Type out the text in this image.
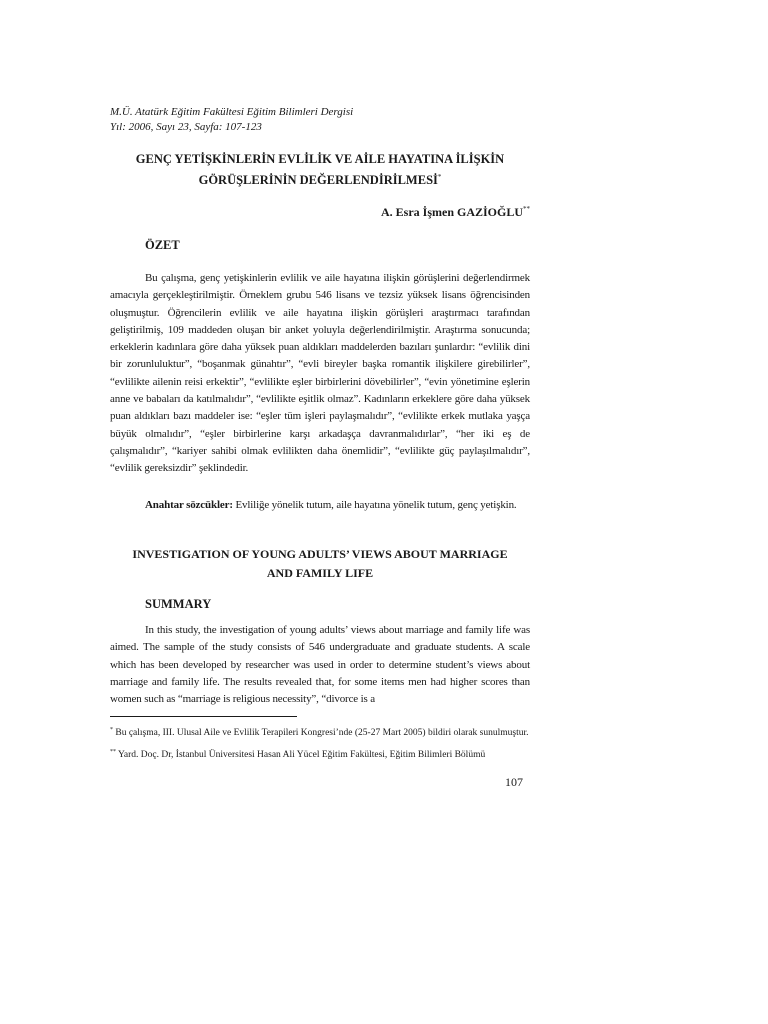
M.Ü. Atatürk Eğitim Fakültesi Eğitim Bilimleri Dergisi
Yıl: 2006, Sayı 23, Sayfa: 107-123
GENÇ YETİŞKİNLERİN EVLİLİK VE AİLE HAYATINA İLİŞKİN
GÖRÜŞLERİNİN DEĞERLENDİRİLMESİ*
A. Esra İşmen GAZİOĞLU**
ÖZET
Bu çalışma, genç yetişkinlerin evlilik ve aile hayatına ilişkin görüşlerini değerlendirmek amacıyla gerçekleştirilmiştir. Örneklem grubu 546 lisans ve tezsiz yüksek lisans öğrencisinden oluşmuştur. Öğrencilerin evlilik ve aile hayatına ilişkin görüşleri araştırmacı tarafından geliştirilmiş, 109 maddeden oluşan bir anket yoluyla değerlendirilmiştir. Araştırma sonucunda; erkeklerin kadınlara göre daha yüksek puan aldıkları maddelerden bazıları şunlardır: “evlilik dini bir zorunluluktur”, “boşanmak günahtır”, “evli bireyler başka romantik ilişkilere girebilirler”, “evlilikte ailenin reisi erkektir”, “evlilikte eşler birbirlerini dövebilirler”, “evin yönetimine eşlerin anne ve babaları da katılmalıdır”, “evlilikte eşitlik olmaz”. Kadınların erkeklere göre daha yüksek puan aldıkları bazı maddeler ise: “eşler tüm işleri paylaşmalıdır”, “evlilikte erkek mutlaka yaşça büyük olmalıdır”, “eşler birbirlerine karşı arkadaşça davranmalıdırlar”, “her iki eş de çalışmalıdır”, “kariyer sahibi olmak evlilikten daha önemlidir”, “evlilikte güç paylaşılmalıdır”, “evlilik gereksizdir” şeklindedir.
Anahtar sözcükler: Evliliğe yönelik tutum, aile hayatına yönelik tutum, genç yetişkin.
INVESTIGATION OF YOUNG ADULTS’ VIEWS ABOUT MARRIAGE
AND FAMILY LIFE
SUMMARY
In this study, the investigation of young adults’ views about marriage and family life was aimed. The sample of the study consists of 546 undergraduate and graduate students. A scale which has been developed by researcher was used in order to determine student’s views about marriage and family life. The results revealed that, for some items men had higher scores than women such as “marriage is religious necessity”, “divorce is a
* Bu çalışma, III. Ulusal Aile ve Evlilik Terapileri Kongresi’nde (25-27 Mart 2005) bildiri olarak sunulmuştur.
** Yard. Doç. Dr, İstanbul Üniversitesi Hasan Ali Yücel Eğitim Fakültesi, Eğitim Bilimleri Bölümü
107
